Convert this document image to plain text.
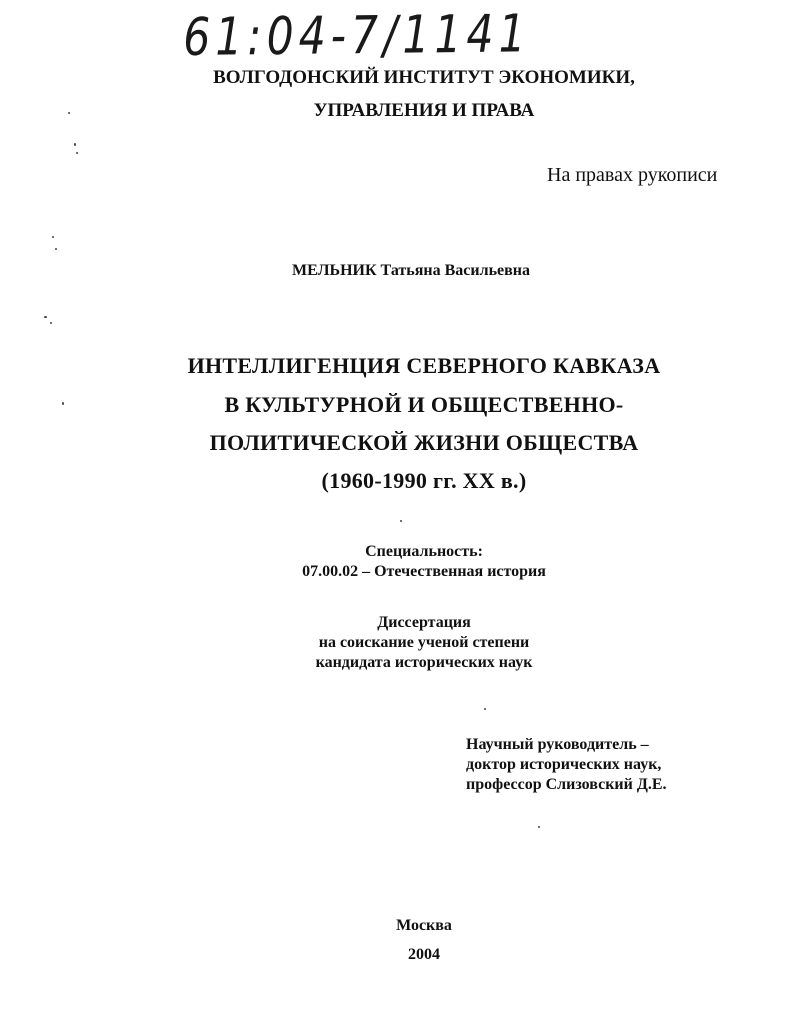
61:04-7/1141
ВОЛГОДОНСКИЙ ИНСТИТУТ ЭКОНОМИКИ,
УПРАВЛЕНИЯ И ПРАВА
На правах рукописи
МЕЛЬНИК Татьяна Васильевна
ИНТЕЛЛИГЕНЦИЯ СЕВЕРНОГО КАВКАЗА
В КУЛЬТУРНОЙ И ОБЩЕСТВЕННО-
ПОЛИТИЧЕСКОЙ ЖИЗНИ ОБЩЕСТВА
(1960-1990 гг. XX в.)
Специальность:
07.00.02 – Отечественная история
Диссертация
на соискание ученой степени
кандидата исторических наук
Научный руководитель –
доктор исторических наук,
профессор Слизовский Д.Е.
Москва
2004
